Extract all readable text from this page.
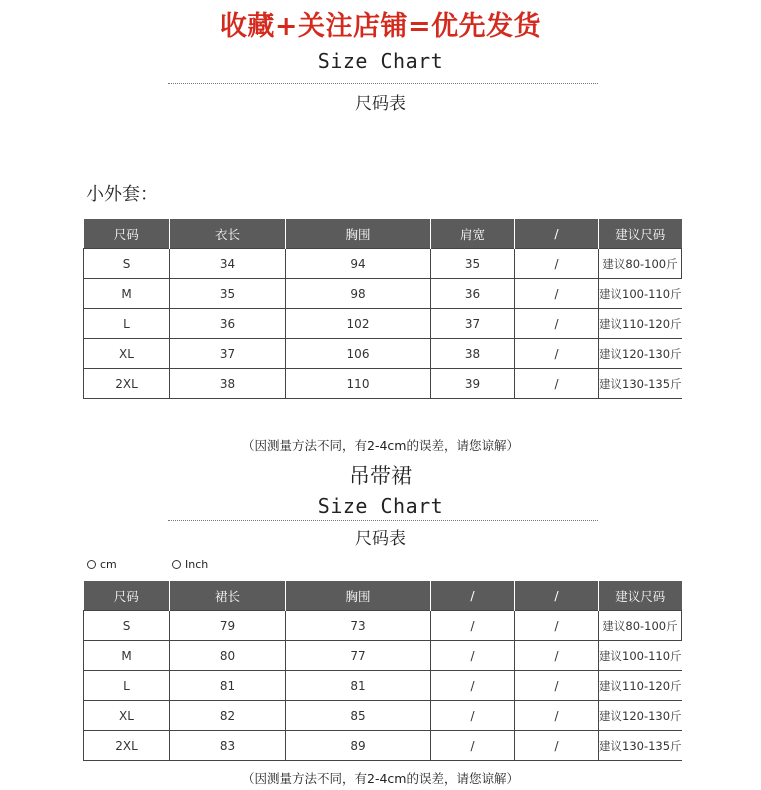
收藏+关注店铺=优先发货
Size Chart
尺码表
小外套：
尺码	衣长	胸围	肩宽	/	建议尺码
S	34	94	35	/	建议80-100斤
M	35	98	36	/	建议100-110斤
L	36	102	37	/	建议110-120斤
XL	37	106	38	/	建议120-130斤
2XL	38	110	39	/	建议130-135斤
（因测量方法不同，有2-4cm的误差，请您谅解）
吊带裙
Size Chart
尺码表
cm	Inch
尺码	裙长	胸围	/	/	建议尺码
S	79	73	/	/	建议80-100斤
M	80	77	/	/	建议100-110斤
L	81	81	/	/	建议110-120斤
XL	82	85	/	/	建议120-130斤
2XL	83	89	/	/	建议130-135斤
（因测量方法不同，有2-4cm的误差，请您谅解）
